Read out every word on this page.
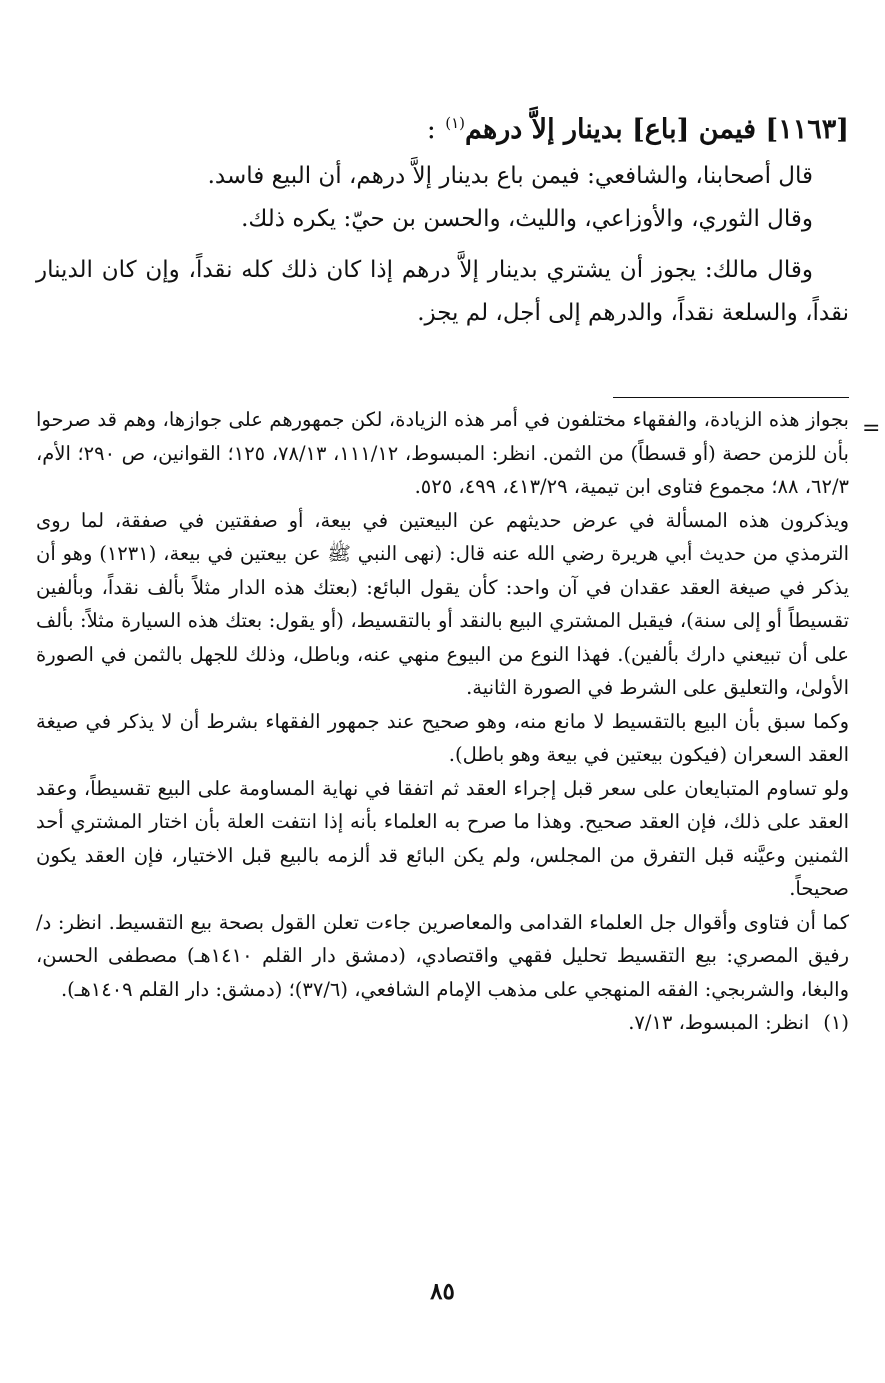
[١١٦٣] فيمن [باع] بدينار إلاَّ درهم$^{(١)}$ :

قال أصحابنا، والشافعي: فيمن باع بدينار إلاَّ درهم، أن البيع فاسد.

وقال الثوري، والأوزاعي، والليث، والحسن بن حيّ: يكره ذلك.

وقال مالك: يجوز أن يشتري بدينار إلاَّ درهم إذا كان ذلك كله نقداً، وإن كان الدينار نقداً، والسلعة نقداً، والدرهم إلى أجل، لم يجز.

=

بجواز هذه الزيادة، والفقهاء مختلفون في أمر هذه الزيادة، لكن جمهورهم على جوازها، وهم قد صرحوا بأن للزمن حصة (أو قسطاً) من الثمن. انظر: المبسوط، ١١١/١٢، ٧٨/١٣، ١٢٥؛ القوانين، ص ٢٩٠؛ الأم، ٦٢/٣، ٨٨؛ مجموع فتاوى ابن تيمية، ٤١٣/٢٩، ٤٩٩، ٥٢٥.

ويذكرون هذه المسألة في عرض حديثهم عن البيعتين في بيعة، أو صفقتين في صفقة، لما روى الترمذي من حديث أبي هريرة رضي الله عنه قال: (نهى النبي ﷺ عن بيعتين في بيعة، (١٢٣١) وهو أن يذكر في صيغة العقد عقدان في آن واحد: كأن يقول البائع: (بعتك هذه الدار مثلاً بألف نقداً، وبألفين تقسيطاً أو إلى سنة)، فيقبل المشتري البيع بالنقد أو بالتقسيط، (أو يقول: بعتك هذه السيارة مثلاً: بألف على أن تبيعني دارك بألفين). فهذا النوع من البيوع منهي عنه، وباطل، وذلك للجهل بالثمن في الصورة الأولىٰ، والتعليق على الشرط في الصورة الثانية.

وكما سبق بأن البيع بالتقسيط لا مانع منه، وهو صحيح عند جمهور الفقهاء بشرط أن لا يذكر في صيغة العقد السعران (فيكون بيعتين في بيعة وهو باطل).

ولو تساوم المتبايعان على سعر قبل إجراء العقد ثم اتفقا في نهاية المساومة على البيع تقسيطاً، وعقد العقد على ذلك، فإن العقد صحيح. وهذا ما صرح به العلماء بأنه إذا انتفت العلة بأن اختار المشتري أحد الثمنين وعيَّنه قبل التفرق من المجلس، ولم يكن البائع قد ألزمه بالبيع قبل الاختيار، فإن العقد يكون صحيحاً.

كما أن فتاوى وأقوال جل العلماء القدامى والمعاصرين جاءت تعلن القول بصحة بيع التقسيط. انظر: د/ رفيق المصري: بيع التقسيط تحليل فقهي واقتصادي، (دمشق دار القلم ١٤١٠هـ) مصطفى الحسن، والبغا، والشربجي: الفقه المنهجي على مذهب الإمام الشافعي، (٣٧/٦)؛ (دمشق: دار القلم ١٤٠٩هـ).

(١)
انظر: المبسوط، ٧/١٣.
٨٥
